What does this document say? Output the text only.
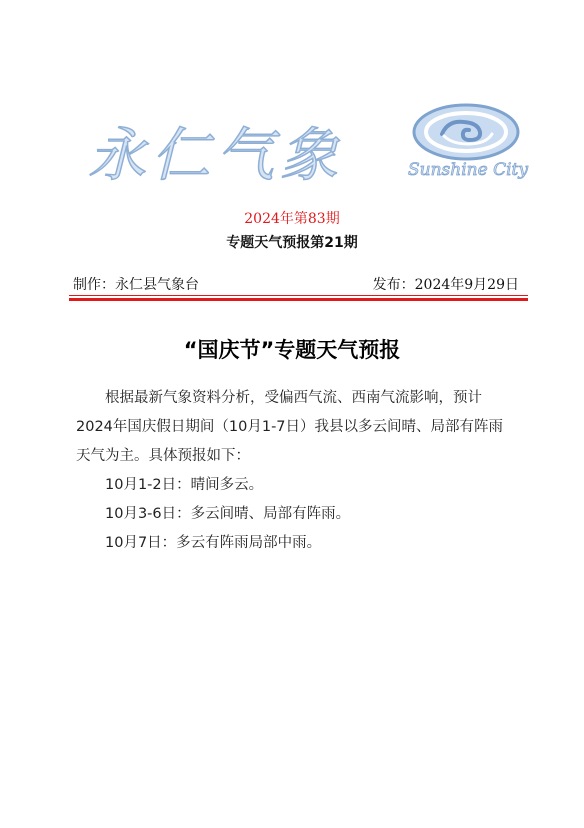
永仁气象	Sunshine City
2024年第83期
专题天气预报第21期
制作：永仁县气象台	发布：2024年9月29日
“国庆节”专题天气预报

根据最新气象资料分析，受偏西气流、西南气流影响，预计2024年国庆假日期间（10月1-7日）我县以多云间晴、局部有阵雨天气为主。具体预报如下：

10月1-2日：晴间多云。

10月3-6日：多云间晴、局部有阵雨。

10月7日：多云有阵雨局部中雨。
